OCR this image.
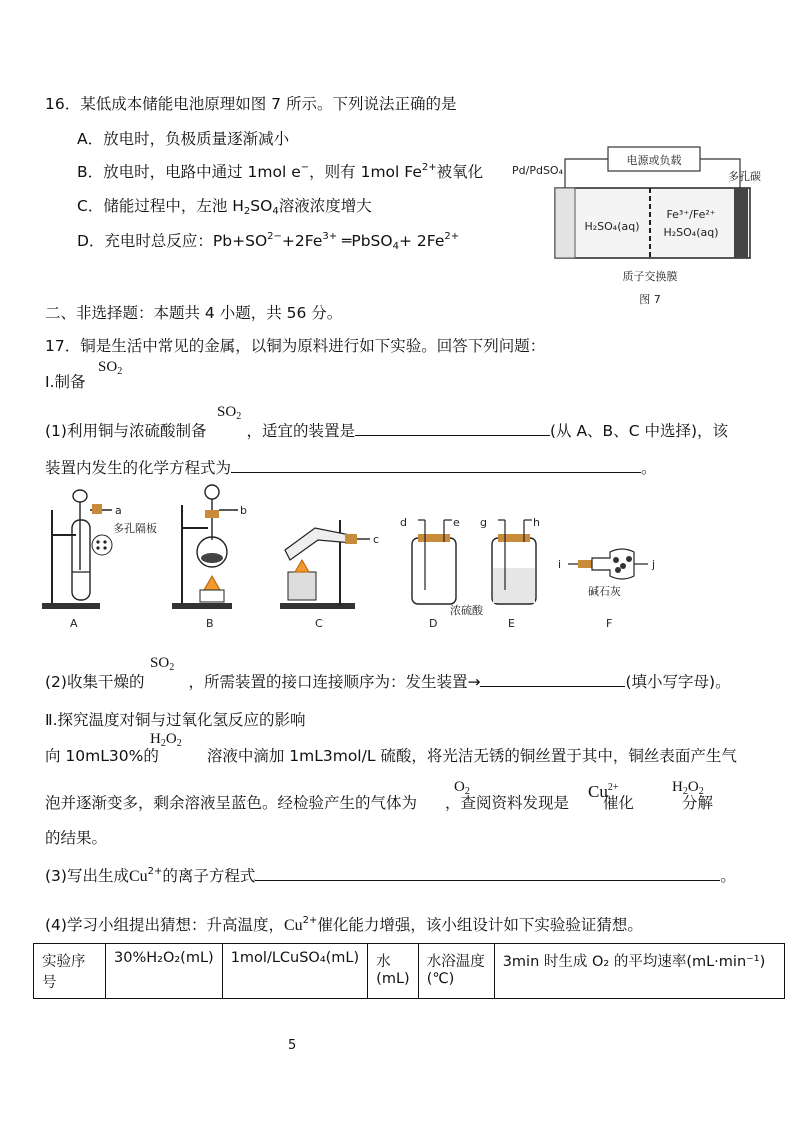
16．某低成本储能电池原理如图 7 所示。下列说法正确的是
A．放电时，负极质量逐渐减小
B．放电时，电路中通过 1mol e−，则有 1mol $Fe^{2+}$被氧化
C．储能过程中，左池 $H_2SO_4$溶液浓度增大
D．充电时总反应：$Pb+SO^{2-}+2Fe^{3+}$ ═PbSO$_4$+ $2Fe^{2+}$
电源或负载
Pd/PdSO₄	多孔碳
H₂SO₄(aq)
Fe³⁺/Fe²⁺
H₂SO₄(aq)
质子交换膜
图 7
二、非选择题：本题共 4 小题，共 56 分。
17．铜是生活中常见的金属，以铜为原料进行如下实验。回答下列问题：
Ⅰ.制备
$SO_2$
(1)利用铜与浓硫酸制备	，适宜的装置是	(从 A、B、C 中选择)，该
$SO_2$
装置内发生的化学方程式为	。
a
多孔隔板
A
b
B
c
C
d	e
D
g	h
浓硫酸
E
i	j
碱石灰
F
(2)收集干燥的	，所需装置的接口连接顺序为：发生装置→	(填小写字母)。
$SO_2$
Ⅱ.探究温度对铜与过氧化氢反应的影响
向 10mL30%的	溶液中滴加 1mL3mol/L 硫酸，将光洁无锈的铜丝置于其中，铜丝表面产生气
$H_2O_2$
泡并逐渐变多，剩余溶液呈蓝色。经检验产生的气体为 ，查阅资料发现是 催化	分解
$O_2$	$Cu^{2+}$	$H_2O_2$
的结果。
(3)写出生成$Cu^{2+}$的离子方程式	。
(4)学习小组提出猜想：升高温度，$Cu^{2+}$催化能力增强，该小组设计如下实验验证猜想。
实验序号	30%H₂O₂(mL)	1mol/LCuSO₄(mL)	水(mL)	水浴温度(℃)	3min 时生成 O₂ 的平均速率(mL·min⁻¹)
5
